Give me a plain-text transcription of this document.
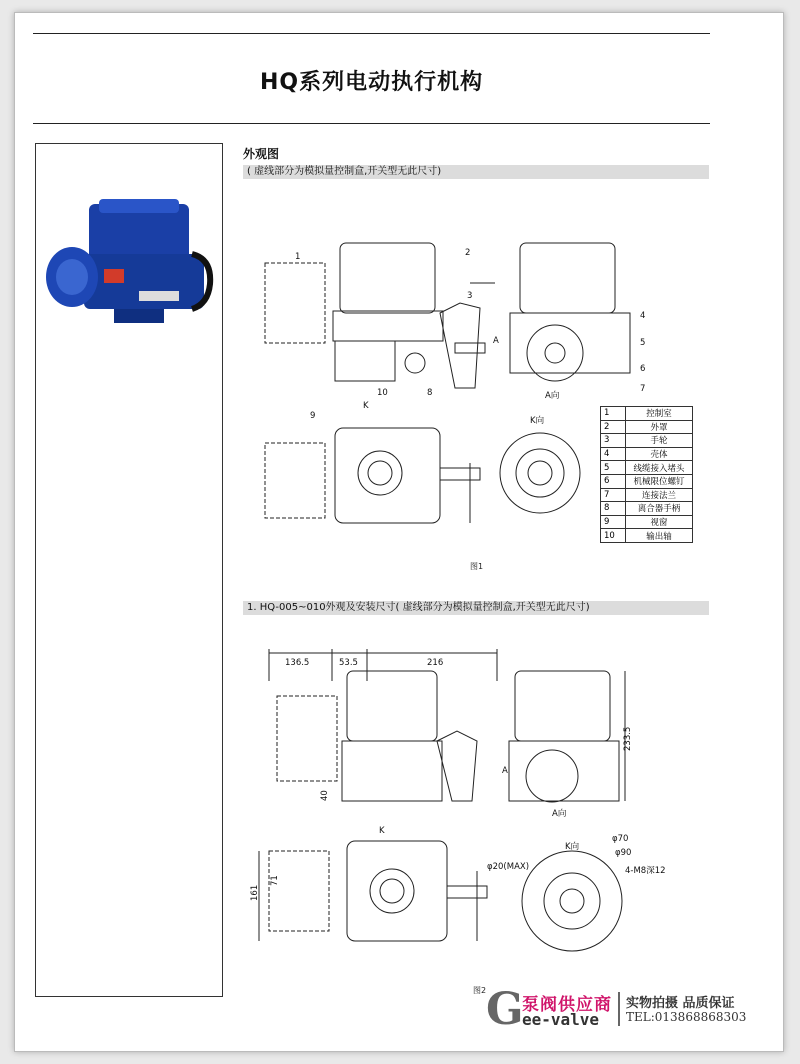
HQ系列电动执行机构
外观图
( 虚线部分为模拟量控制盒,开关型无此尺寸)
1	2
3
4
5
6
7
8
9
10
A
A向
K
K向
1	控制室
2	外罩
3	手轮
4	壳体
5	线缆接入堵头
6	机械限位螺钉
7	连接法兰
8	离合器手柄
9	视窗
10	输出轴
图1
1. HQ-005~010外观及安装尺寸( 虚线部分为模拟量控制盒,开关型无此尺寸)
136.5	53.5	216
233.5
40
71
161
φ70
φ90
φ20(MAX)	4-M8深12
A
A向
K
K向
图2 G
泵阀供应商
ee-valve
实物拍摄 品质保证
TEL:013868868303
